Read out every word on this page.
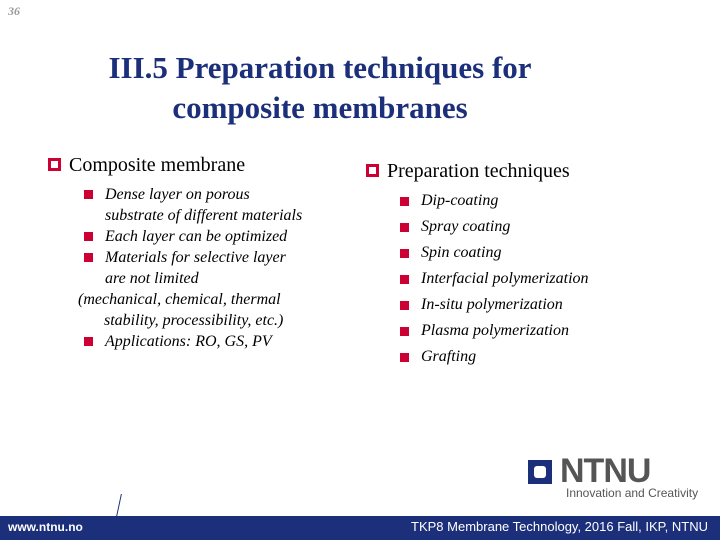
36
III.5 Preparation techniques for
composite membranes
Composite membrane
Dense layer on porous
substrate of different materials
Each layer can be optimized
Materials for selective layer
are not limited
(mechanical, chemical, thermal
stability, processibility, etc.)
Applications: RO, GS, PV
Preparation techniques
Dip-coating
Spray coating
Spin coating
Interfacial polymerization
In-situ polymerization
Plasma polymerization
Grafting
NTNU
Innovation and Creativity
www.ntnu.no	TKP8 Membrane Technology, 2016 Fall, IKP, NTNU
